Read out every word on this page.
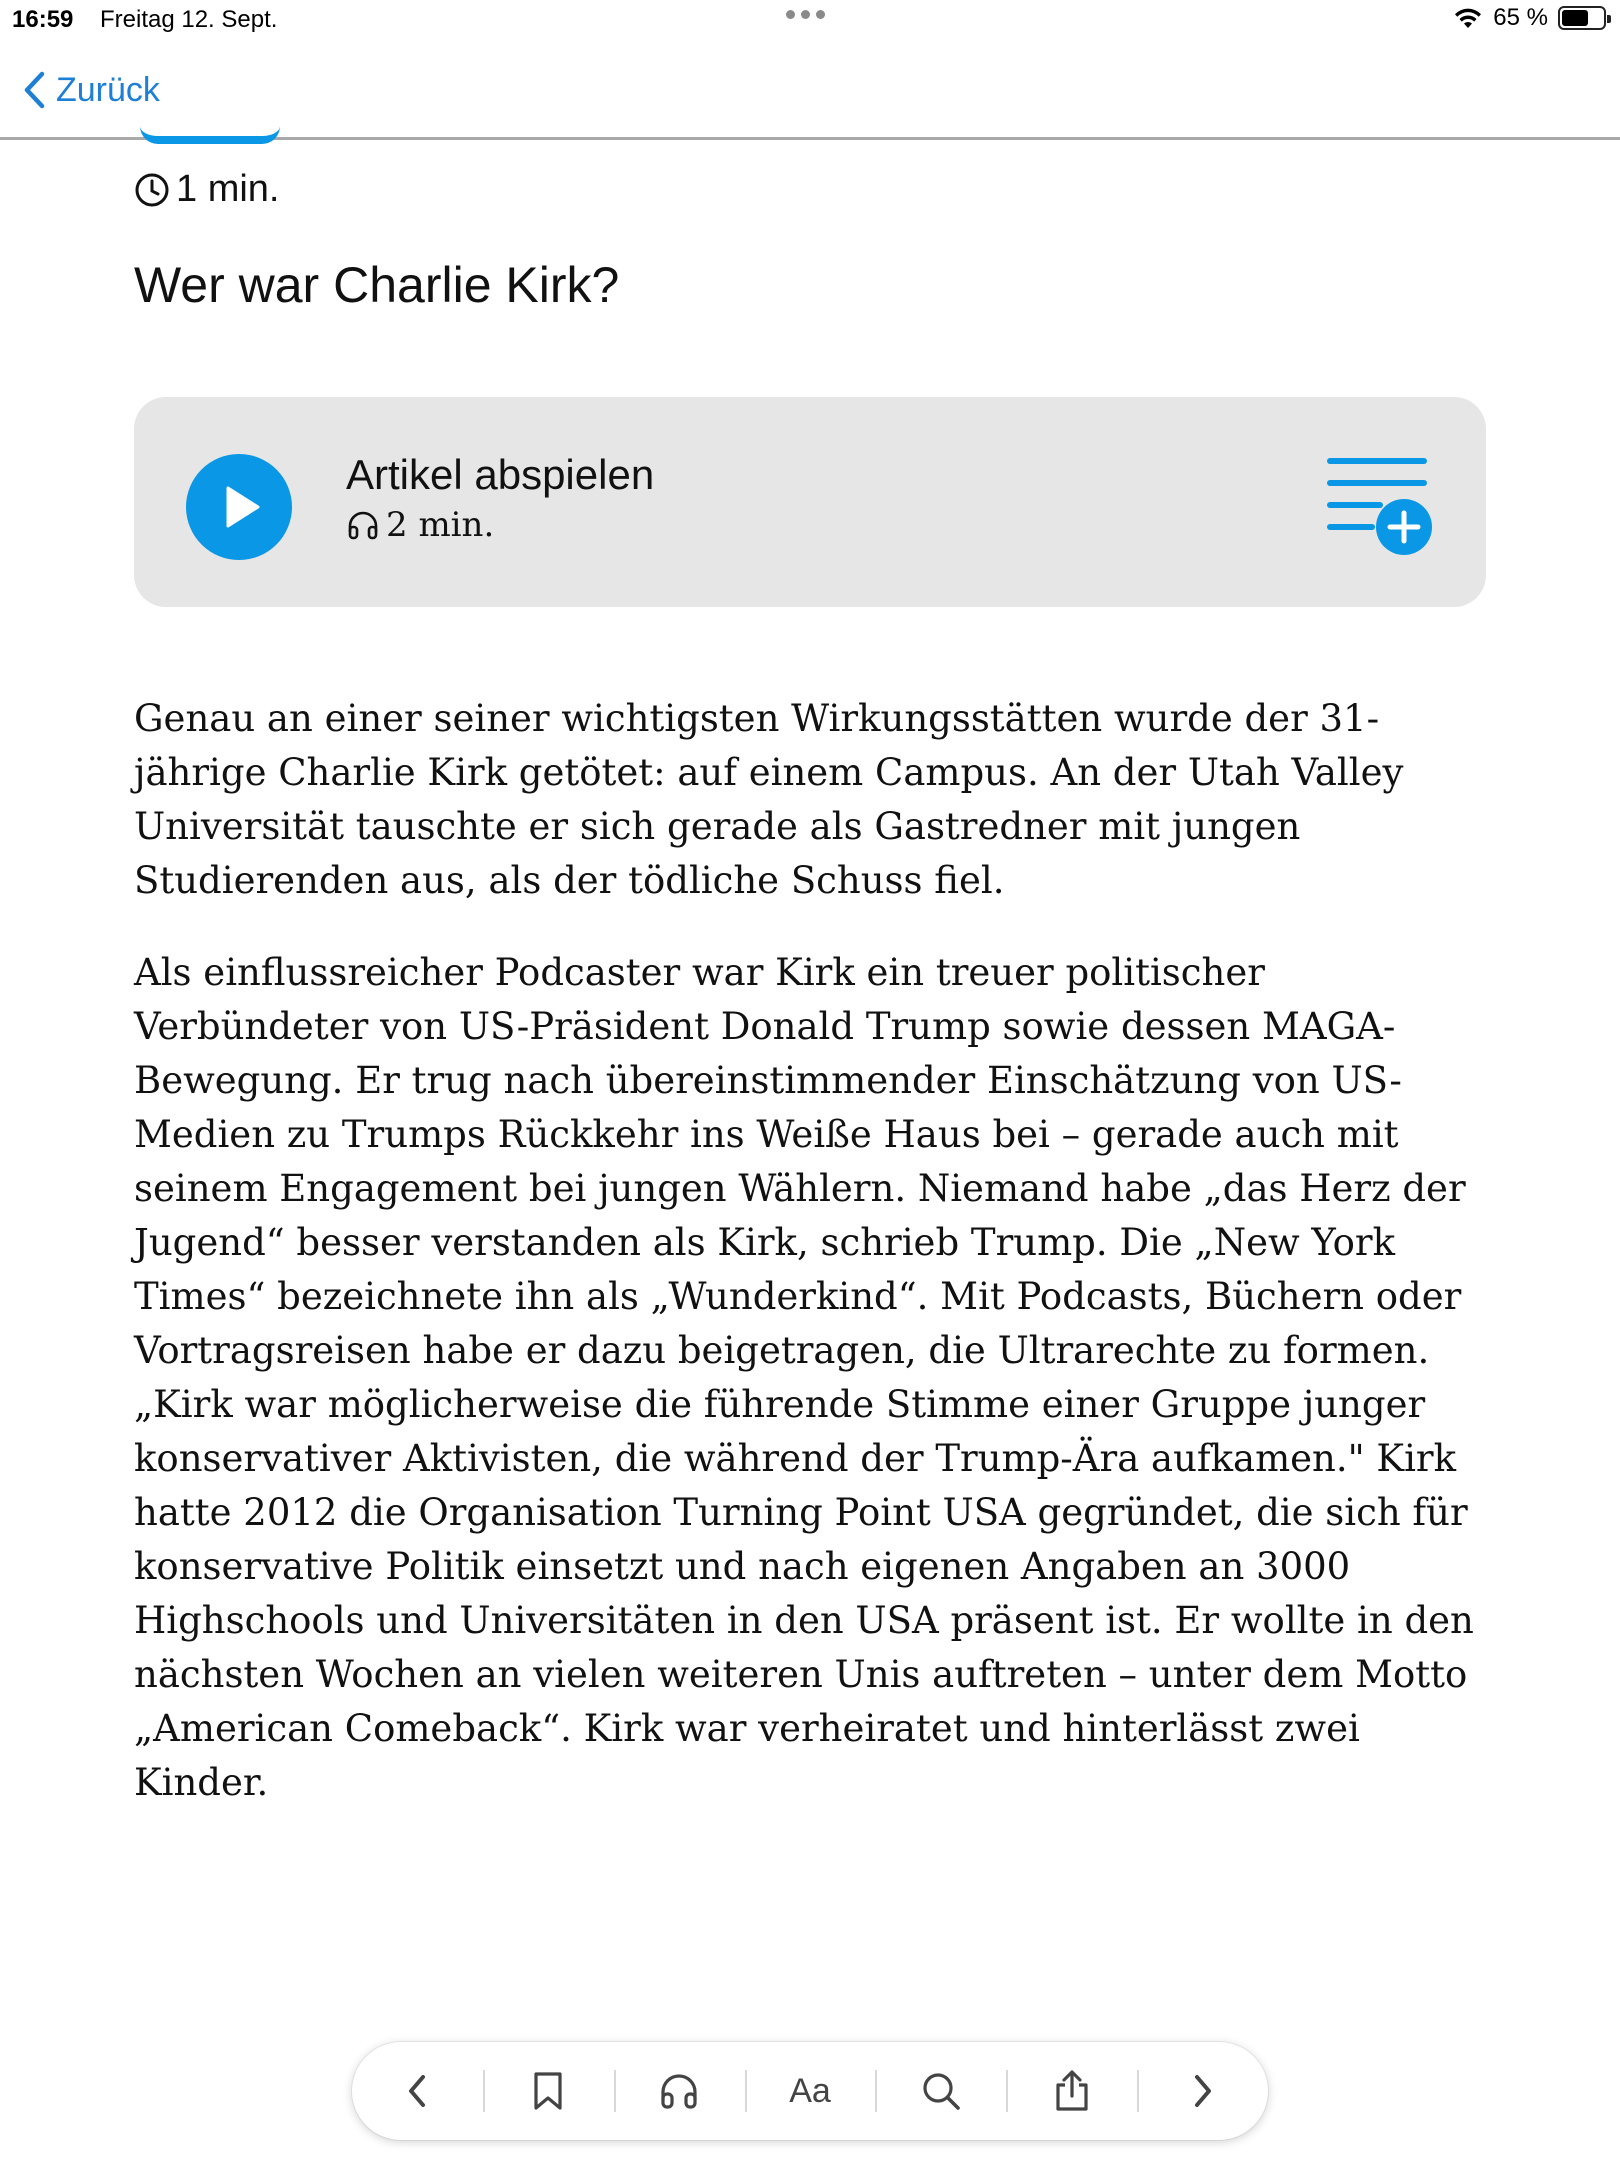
16:59 Freitag 12. Sept.	65 %
Zurück
1 min.
Wer war Charlie Kirk?
Artikel abspielen
2 min.

Genau an einer seiner wichtigsten Wirkungsstätten wurde der 31-jährige Charlie Kirk getötet: auf einem Campus. An der Utah Valley Universität tauschte er sich gerade als Gastredner mit jungen Studierenden aus, als der tödliche Schuss fiel.

Als einflussreicher Podcaster war Kirk ein treuer politischer Verbündeter von US-Präsident Donald Trump sowie dessen MAGA-Bewegung. Er trug nach übereinstimmender Einschätzung von US-Medien zu Trumps Rückkehr ins Weiße Haus bei – gerade auch mit seinem Engagement bei jungen Wählern. Niemand habe „das Herz der Jugend“ besser verstanden als Kirk, schrieb Trump. Die „New York Times“ bezeichnete ihn als „Wunderkind“. Mit Podcasts, Büchern oder Vortragsreisen habe er dazu beigetragen, die Ultrarechte zu formen. „Kirk war möglicherweise die führende Stimme einer Gruppe junger konservativer Aktivisten, die während der Trump-Ära aufkamen." Kirk hatte 2012 die Organisation Turning Point USA gegründet, die sich für konservative Politik einsetzt und nach eigenen Angaben an 3000 Highschools und Universitäten in den USA präsent ist. Er wollte in den nächsten Wochen an vielen weiteren Unis auftreten – unter dem Motto „American Comeback“. Kirk war verheiratet und hinterlässt zwei Kinder.

Aa
